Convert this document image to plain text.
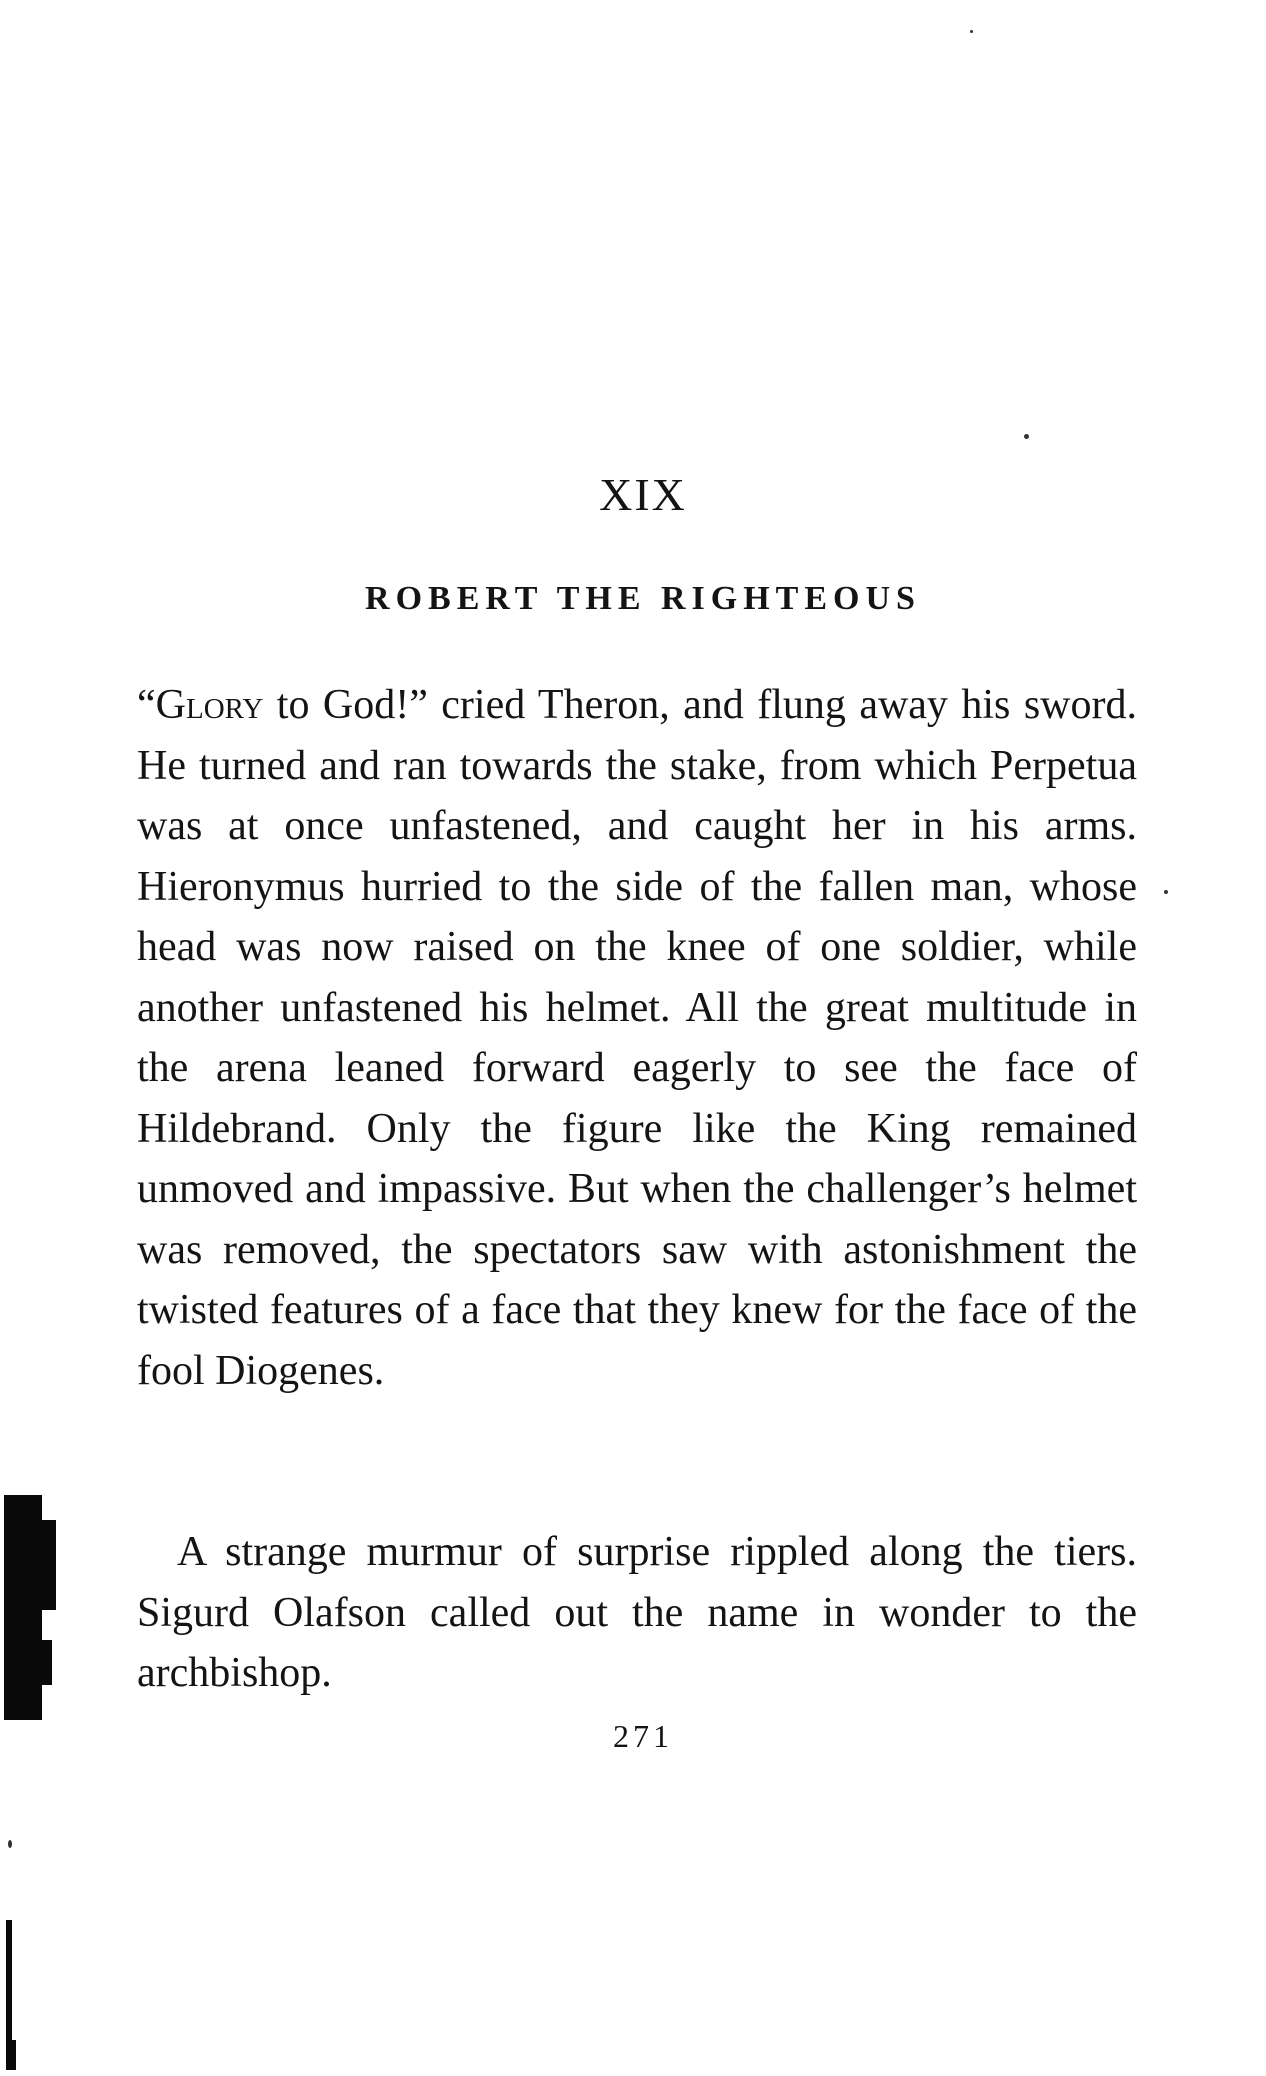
XIX
ROBERT THE RIGHTEOUS

“Glory to God!” cried Theron, and flung away his sword. He turned and ran towards the stake, from which Perpetua was at once unfastened, and caught her in his arms. Hieronymus hurried to the side of the fallen man, whose head was now raised on the knee of one soldier, while another unfastened his helmet. All the great multitude in the arena leaned forward eagerly to see the face of Hildebrand. Only the figure like the King remained unmoved and impassive. But when the challenger’s helmet was removed, the spectators saw with astonishment the twisted features of a face that they knew for the face of the fool Diogenes.

A strange murmur of surprise rippled along the tiers. Sigurd Olafson called out the name in wonder to the archbishop.

271
